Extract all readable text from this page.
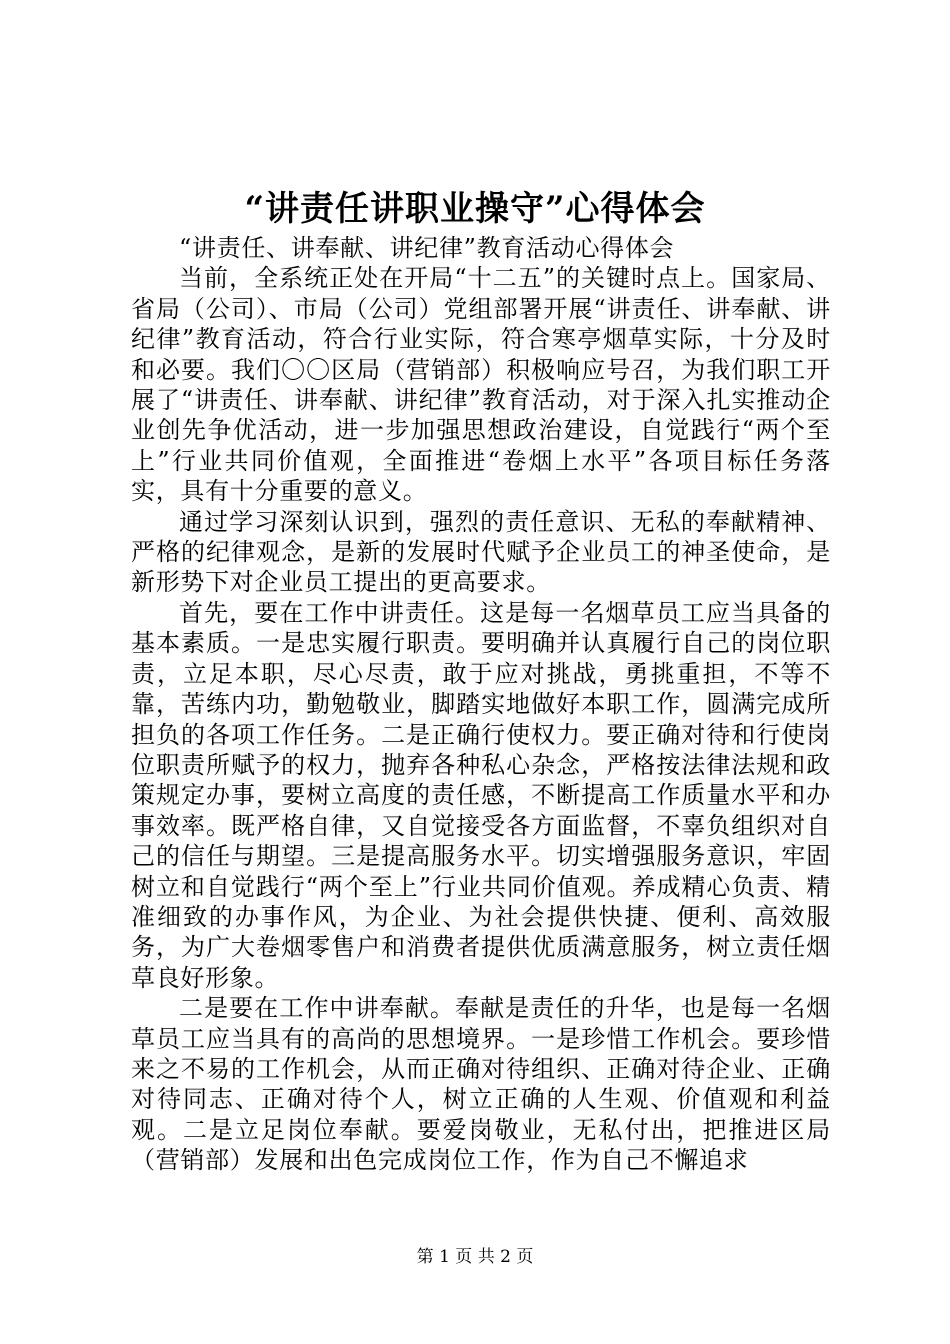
“讲责任讲职业操守”心得体会

“讲责任、讲奉献、讲纪律”教育活动心得体会

当前，全系统正处在开局“十二五”的关键时点上。国家局、省局（公司）、市局（公司）党组部署开展“讲责任、讲奉献、讲纪律”教育活动，符合行业实际，符合寒亭烟草实际，十分及时和必要。我们〇〇区局（营销部）积极响应号召，为我们职工开展了“讲责任、讲奉献、讲纪律”教育活动，对于深入扎实推动企业创先争优活动，进一步加强思想政治建设，自觉践行“两个至上”行业共同价值观，全面推进“卷烟上水平”各项目标任务落实，具有十分重要的意义。

通过学习深刻认识到，强烈的责任意识、无私的奉献精神、严格的纪律观念，是新的发展时代赋予企业员工的神圣使命，是新形势下对企业员工提出的更高要求。

首先，要在工作中讲责任。这是每一名烟草员工应当具备的基本素质。一是忠实履行职责。要明确并认真履行自己的岗位职责，立足本职，尽心尽责，敢于应对挑战，勇挑重担，不等不靠，苦练内功，勤勉敬业，脚踏实地做好本职工作，圆满完成所担负的各项工作任务。二是正确行使权力。要正确对待和行使岗位职责所赋予的权力，抛弃各种私心杂念，严格按法律法规和政策规定办事，要树立高度的责任感，不断提高工作质量水平和办事效率。既严格自律，又自觉接受各方面监督，不辜负组织对自己的信任与期望。三是提高服务水平。切实增强服务意识，牢固树立和自觉践行“两个至上”行业共同价值观。养成精心负责、精准细致的办事作风，为企业、为社会提供快捷、便利、高效服务，为广大卷烟零售户和消费者提供优质满意服务，树立责任烟草良好形象。

二是要在工作中讲奉献。奉献是责任的升华，也是每一名烟草员工应当具有的高尚的思想境界。一是珍惜工作机会。要珍惜来之不易的工作机会，从而正确对待组织、正确对待企业、正确对待同志、正确对待个人，树立正确的人生观、价值观和利益观。二是立足岗位奉献。要爱岗敬业，无私付出，把推进区局（营销部）发展和出色完成岗位工作，作为自己不懈追求

第 1 页 共 2 页
